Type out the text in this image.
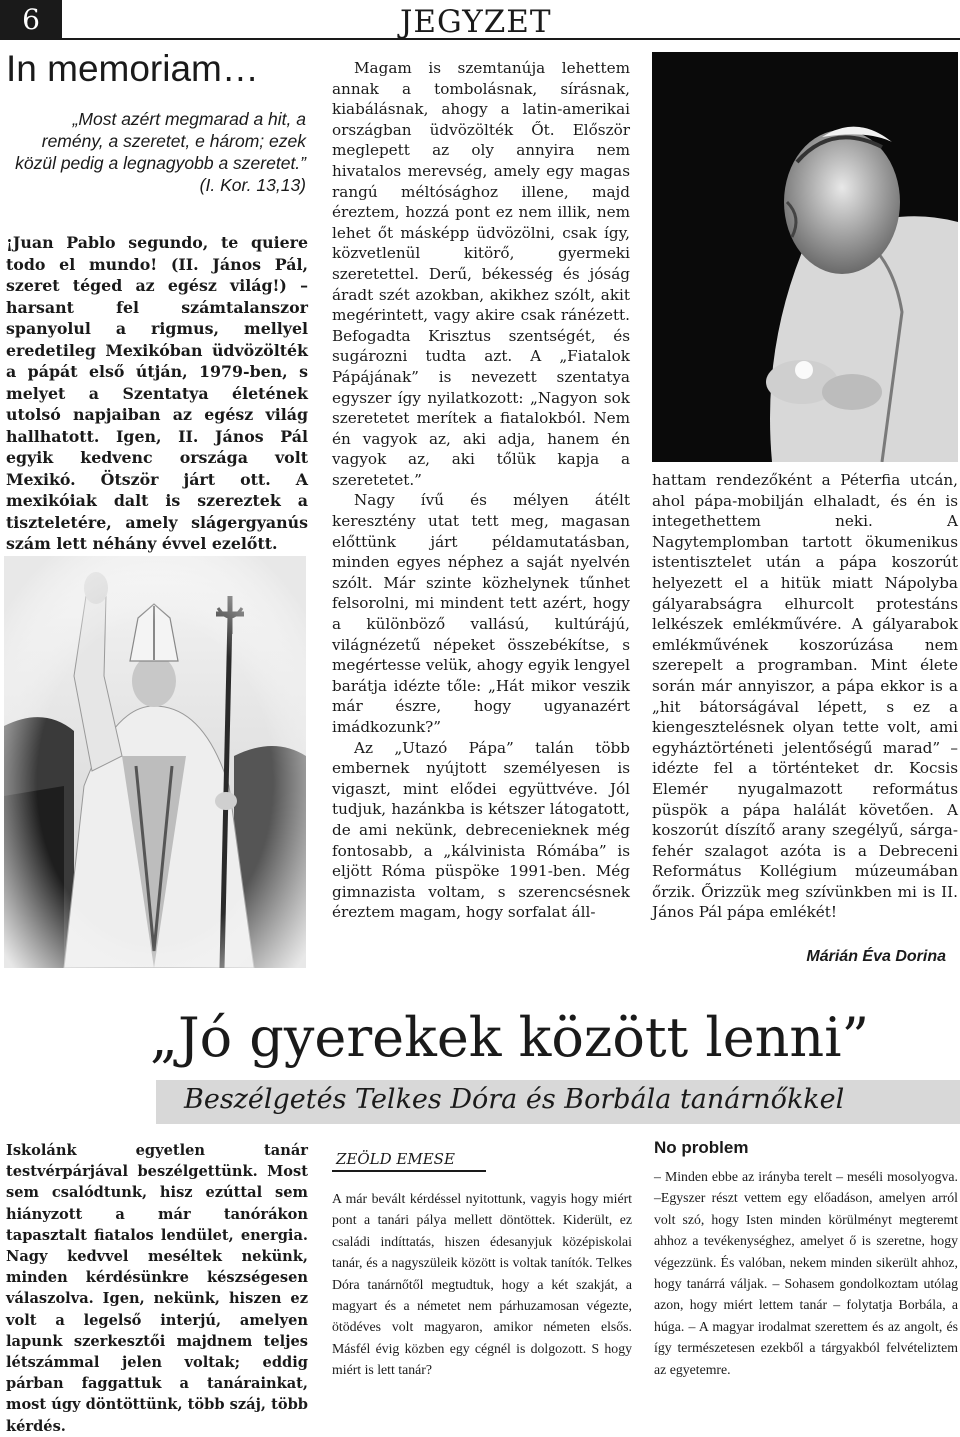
6	JEGYZET
In memoriam…
„Most azért megmarad a hit, a remény, a szeretet, e három; ezek közül pedig a legnagyobb a szeretet.” (I. Kor. 13,13)
¡Juan Pablo segundo, te quiere todo el mundo! (II. János Pál, szeret téged az egész világ!) – harsant fel számtalanszor spanyolul a rigmus, mellyel eredetileg Mexikóban üdvözölték a pápát első útján, 1979-ben, s melyet a Szentatya életének utolsó napjaiban az egész világ hallhatott. Igen, II. János Pál egyik kedvenc országa volt Mexikó. Ötször járt ott. A mexikóiak dalt is szereztek a tiszteletére, amely slágergyanús szám lett néhány évvel ezelőtt.

Magam is szemtanúja lehettem annak a tombolásnak, sírásnak, kiabálásnak, ahogy a latin-amerikai országban üdvözölték Őt. Először meglepett az oly annyira nem hivatalos merevség, amely egy magas rangú méltósághoz illene, majd éreztem, hozzá pont ez nem illik, nem lehet őt másképp üdvözölni, csak így, közvetlenül kitörő, gyermeki szeretettel. Derű, békesség és jóság áradt szét azokban, akikhez szólt, akit megérintett, vagy akire csak ránézett. Befogadta Krisztus szentségét, és sugározni tudta azt. A „Fiatalok Pápájának” is nevezett szentatya egyszer így nyilatkozott: „Nagyon sok szeretetet merítek a fiatalokból. Nem én vagyok az, aki adja, hanem én vagyok az, aki tőlük kapja a szeretetet.”

Nagy ívű és mélyen átélt keresztény utat tett meg, magasan előttünk járt példamutatásban, minden egyes néphez a saját nyelvén szólt. Már szinte közhelynek tűnhet felsorolni, mi mindent tett azért, hogy a különböző vallású, kultúrájú, világnézetű népeket összebékítse, s megértesse velük, ahogy egyik lengyel barátja idézte tőle: „Hát mikor veszik már észre, hogy ugyanazért imádkozunk?”

Az „Utazó Pápa” talán több embernek nyújtott személyesen is vigaszt, mint elődei együttvéve. Jól tudjuk, hazánkba is kétszer látogatott, de ami nekünk, debrecenieknek még fontosabb, a „kálvinista Rómába” is eljött Róma püspöke 1991-ben. Még gimnazista voltam, s szerencsésnek éreztem magam, hogy sorfalat áll-

hattam rendezőként a Péterfia utcán, ahol pápa-mobilján elhaladt, és én is integethettem neki. A Nagytemplomban tartott ökumenikus istentisztelet után a pápa koszorút helyezett el a hitük miatt Nápolyba gályarabságra elhurcolt protestáns lelkészek emlékművére. A gályarabok emlékművének koszorúzása nem szerepelt a programban. Mint élete során már annyiszor, a pápa ekkor is a „hit bátorságával lépett, s ez a kiengesztelésnek olyan tette volt, ami egyháztörténeti jelentőségű marad” – idézte fel a történteket dr. Kocsis Elemér nyugalmazott református püspök a pápa halálát követően. A koszorút díszítő arany szegélyű, sárga-fehér szalagot azóta is a Debreceni Református Kollégium múzeumában őrzik. Őrizzük meg szívünkben mi is II. János Pál pápa emlékét!

Márián Éva Dorina
„Jó gyerekek között lenni”
Beszélgetés Telkes Dóra és Borbála tanárnőkkel

Iskolánk egyetlen tanár testvérpárjával beszélgettünk. Most sem csalódtunk, hisz ezúttal sem hiányzott a már tanórákon tapasztalt fiatalos lendület, energia. Nagy kedvvel meséltek nekünk, minden kérdésünkre készségesen válaszolva. Igen, nekünk, hiszen ez volt a legelső interjú, amelyen lapunk szerkesztői majdnem teljes létszámmal jelen voltak; eddig párban faggattuk a tanárainkat, most úgy döntöttünk, több száj, több kérdés.

ZEÖLD EMESE

A már bevált kérdéssel nyitottunk, vagyis hogy miért pont a tanári pálya mellett döntöttek. Kiderült, ez családi indíttatás, hiszen édesanyjuk középiskolai tanár, és a nagyszüleik között is voltak tanítók. Telkes Dóra tanárnőtől megtudtuk, hogy a két szakját, a magyart és a németet nem párhuzamosan végezte, ötödéves volt magyaron, amikor németen elsős. Másfél évig közben egy cégnél is dolgozott. S hogy miért is lett tanár?

No problem

– Minden ebbe az irányba terelt – meséli mosolyogva. –Egyszer részt vettem egy előadáson, amelyen arról volt szó, hogy Isten minden körülményt megteremt ahhoz a tevékenységhez, amelyet ő is szeretne, hogy végezzünk. És valóban, nekem minden sikerült ahhoz, hogy tanárrá váljak. – Sohasem gondolkoztam utólag azon, hogy miért lettem tanár – folytatja Borbála, a húga. – A magyar irodalmat szerettem és az angolt, és így természetesen ezekből a tárgyakból felvételiztem az egyetemre.
